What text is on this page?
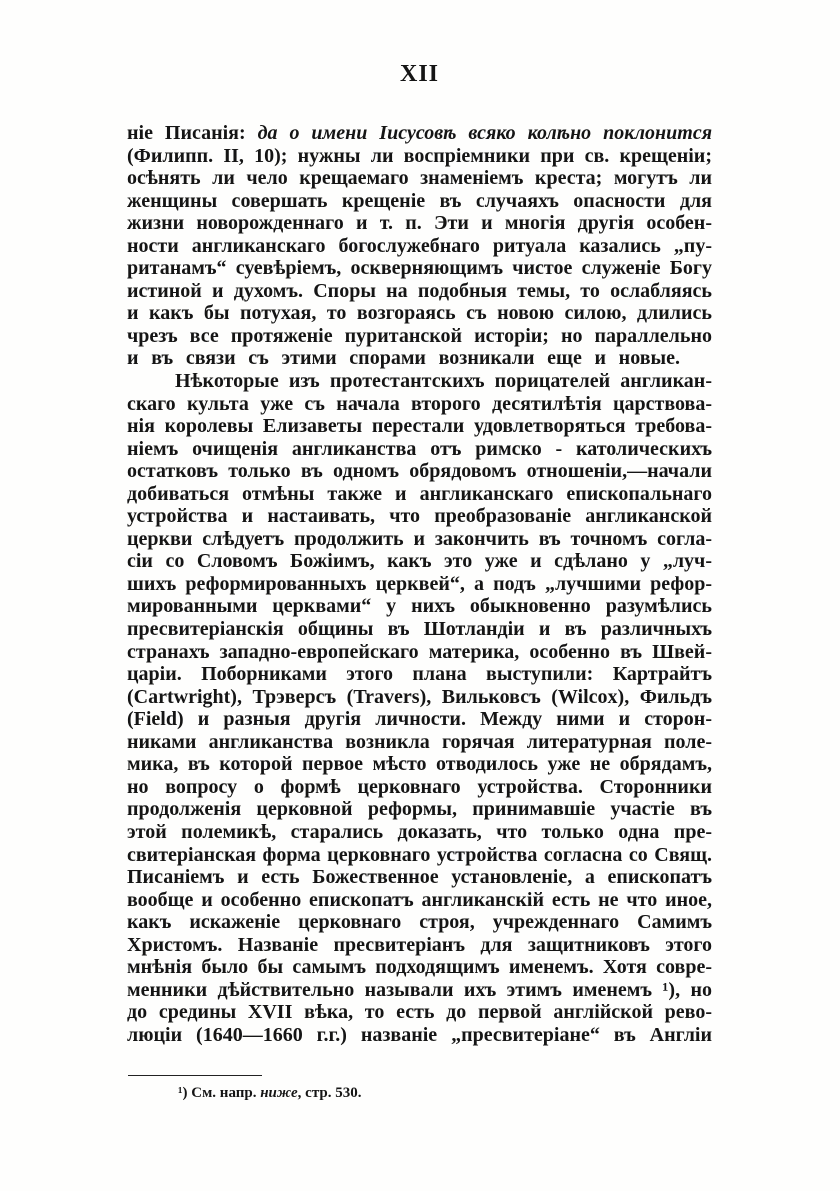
XII
ніе Писанія: да о имени Іисусовѣ всяко колѣно поклонится
(Филипп. II, 10); нужны ли воспріемники при св. крещеніи;
осѣнять ли чело крещаемаго знаменіемъ креста; могутъ ли
женщины совершать крещеніе въ случаяхъ опасности для
жизни новорожденнаго и т. п. Эти и многія другія особен-
ности англиканскаго богослужебнаго ритуала казались „пу-
ританамъ“ суевѣріемъ, оскверняющимъ чистое служеніе Богу
истиной и духомъ. Споры на подобныя темы, то ослабляясь
и какъ бы потухая, то возгораясь съ новою силою, длились
чрезъ все протяженіе пуританской исторіи; но параллельно
и въ связи съ этими спорами возникали еще и новые.
Нѣкоторые изъ протестантскихъ порицателей англикан-
скаго культа уже съ начала второго десятилѣтія царствова-
нія королевы Елизаветы перестали удовлетворяться требова-
ніемъ очищенія англиканства отъ римско - католическихъ
остатковъ только въ одномъ обрядовомъ отношеніи,—начали
добиваться отмѣны также и англиканскаго епископальнаго
устройства и настаивать, что преобразованіе англиканской
церкви слѣдуетъ продолжить и закончить въ точномъ согла-
сіи со Словомъ Божіимъ, какъ это уже и сдѣлано у „луч-
шихъ реформированныхъ церквей“, а подъ „лучшими рефор-
мированными церквами“ у нихъ обыкновенно разумѣлись
пресвитеріанскія общины въ Шотландіи и въ различныхъ
странахъ западно-европейскаго материка, особенно въ Швей-
царіи. Поборниками этого плана выступили: Картрайтъ
(Cartwright), Трэверсъ (Travers), Вильковсъ (Wilcox), Фильдъ
(Field) и разныя другія личности. Между ними и сторон-
никами англиканства возникла горячая литературная поле-
мика, въ которой первое мѣсто отводилось уже не обрядамъ,
но вопросу о формѣ церковнаго устройства. Сторонники
продолженія церковной реформы, принимавшіе участіе въ
этой полемикѣ, старались доказать, что только одна пре-
свитеріанская форма церковнаго устройства согласна со Свящ.
Писаніемъ и есть Божественное установленіе, а епископатъ
вообще и особенно епископатъ англиканскій есть не что иное,
какъ искаженіе церковнаго строя, учрежденнаго Самимъ
Христомъ. Названіе пресвитеріанъ для защитниковъ этого
мнѣнія было бы самымъ подходящимъ именемъ. Хотя совре-
менники дѣйствительно называли ихъ этимъ именемъ ¹), но
до средины XVII вѣка, то есть до первой англійской рево-
люціи (1640—1660 г.г.) названіе „пресвитеріане“ въ Англіи
¹) См. напр. ниже, стр. 530.
